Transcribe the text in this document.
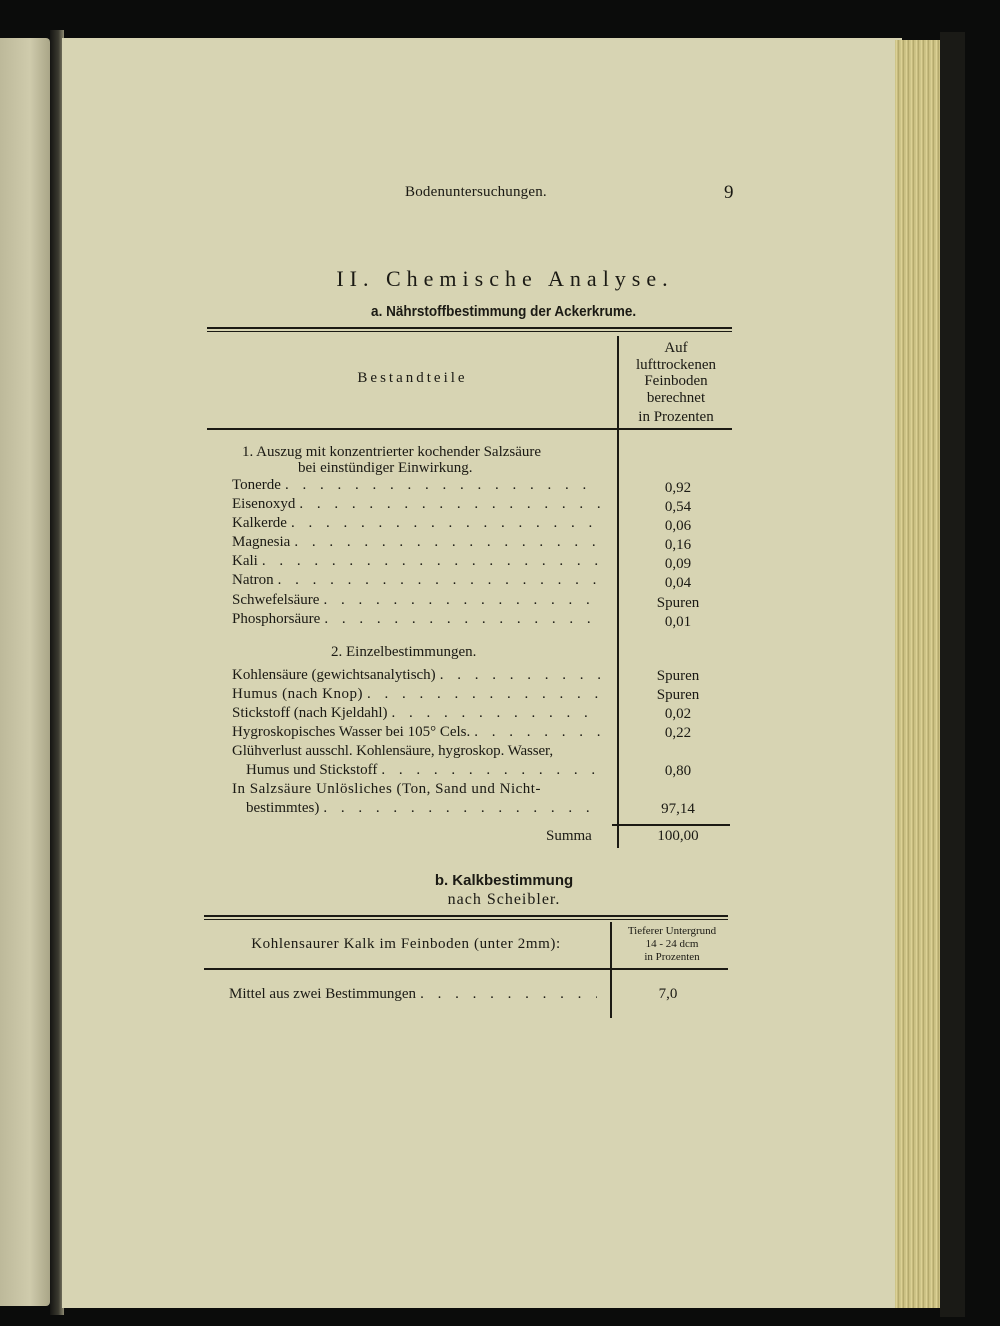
Bodenuntersuchungen.	9
II. Chemische Analyse.
a. Nährstoffbestimmung der Ackerkrume.
Bestandteile
Auf
lufttrockenen
Feinboden
berechnet
in Prozenten
1. Auszug mit konzentrierter kochender Salzsäure
bei einstündiger Einwirkung.
Tonerde . . .	0,92
Eisenoxyd . . .	0,54
Kalkerde . . .	0,06
Magnesia . . .	0,16
Kali . . .	0,09
Natron . . .	0,04
Schwefelsäure . . .	Spuren
Phosphorsäure . . .	0,01
2. Einzelbestimmungen.
Kohlensäure (gewichtsanalytisch) . . .	Spuren
Humus (nach Knop) . . .	Spuren
Stickstoff (nach Kjeldahl) . . .	0,02
Hygroskopisches Wasser bei 105° Cels. . . .	0,22
Glühverlust ausschl. Kohlensäure, hygroskop. Wasser,
Humus und Stickstoff . . .	0,80
In Salzsäure Unlösliches (Ton, Sand und Nicht-
bestimmtes) . . .	97,14
Summa	100,00
b. Kalkbestimmung
nach Scheibler.
Kohlensaurer Kalk im Feinboden (unter 2mm):
Tieferer Untergrund
14 - 24 dcm
in Prozenten
Mittel aus zwei Bestimmungen . . .	7,0
